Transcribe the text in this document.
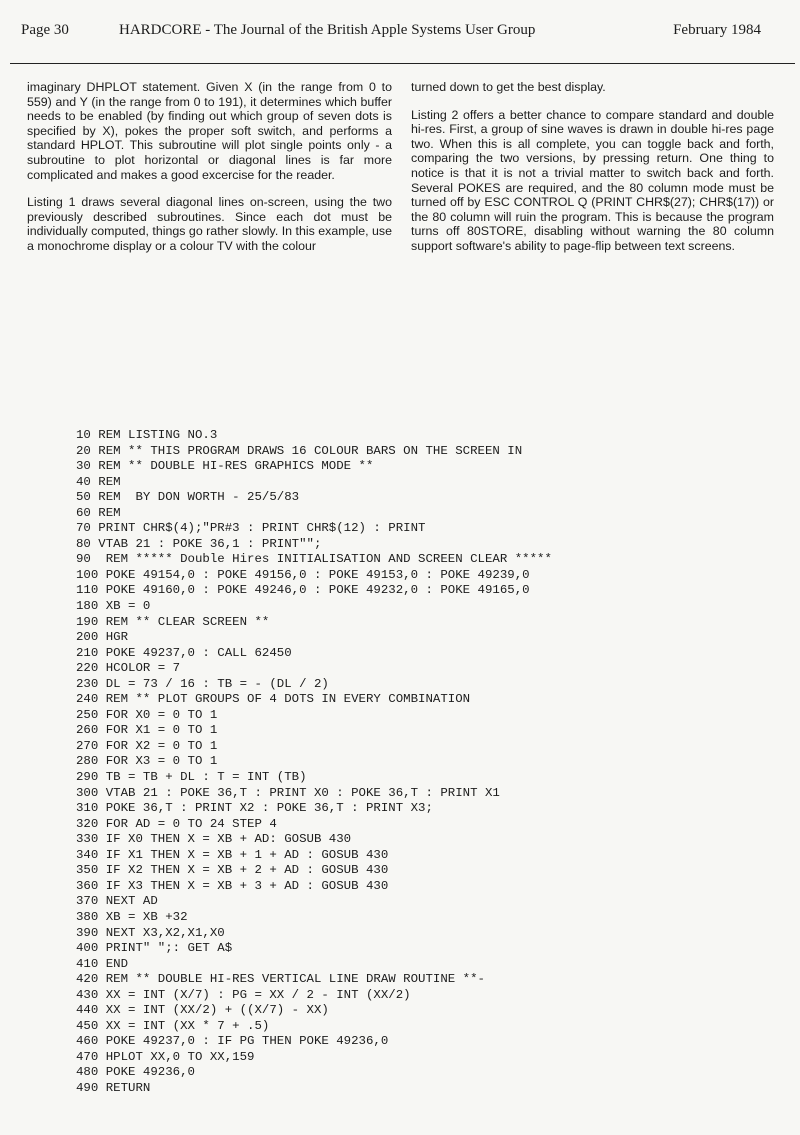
Page 30	HARDCORE - The Journal of the British Apple Systems User Group	February 1984

imaginary DHPLOT statement. Given X (in the range from 0 to 559) and Y (in the range from 0 to 191), it determines which buffer needs to be enabled (by finding out which group of seven dots is specified by X), pokes the proper soft switch, and performs a standard HPLOT. This subroutine will plot single points only - a subroutine to plot horizontal or diagonal lines is far more complicated and makes a good excercise for the reader.

Listing 1 draws several diagonal lines on-screen, using the two previously described subroutines. Since each dot must be individually computed, things go rather slowly. In this example, use a monochrome display or a colour TV with the colour

turned down to get the best display.

Listing 2 offers a better chance to compare standard and double hi-res. First, a group of sine waves is drawn in double hi-res page two. When this is all complete, you can toggle back and forth, comparing the two versions, by pressing return. One thing to notice is that it is not a trivial matter to switch back and forth. Several POKES are required, and the 80 column mode must be turned off by ESC CONTROL Q (PRINT CHR$(27); CHR$(17)) or the 80 column will ruin the program. This is because the program turns off 80STORE, disabling without warning the 80 column support software's ability to page-flip between text screens.

10 REM LISTING NO.3
20 REM ** THIS PROGRAM DRAWS 16 COLOUR BARS ON THE SCREEN IN
30 REM ** DOUBLE HI-RES GRAPHICS MODE **
40 REM
50 REM  BY DON WORTH - 25/5/83
60 REM
70 PRINT CHR$(4);"PR#3 : PRINT CHR$(12) : PRINT
80 VTAB 21 : POKE 36,1 : PRINT"";
90  REM ***** Double Hires INITIALISATION AND SCREEN CLEAR *****
100 POKE 49154,0 : POKE 49156,0 : POKE 49153,0 : POKE 49239,0
110 POKE 49160,0 : POKE 49246,0 : POKE 49232,0 : POKE 49165,0
180 XB = 0
190 REM ** CLEAR SCREEN **
200 HGR
210 POKE 49237,0 : CALL 62450
220 HCOLOR = 7
230 DL = 73 / 16 : TB = - (DL / 2)
240 REM ** PLOT GROUPS OF 4 DOTS IN EVERY COMBINATION
250 FOR X0 = 0 TO 1
260 FOR X1 = 0 TO 1
270 FOR X2 = 0 TO 1
280 FOR X3 = 0 TO 1
290 TB = TB + DL : T = INT (TB)
300 VTAB 21 : POKE 36,T : PRINT X0 : POKE 36,T : PRINT X1
310 POKE 36,T : PRINT X2 : POKE 36,T : PRINT X3;
320 FOR AD = 0 TO 24 STEP 4
330 IF X0 THEN X = XB + AD: GOSUB 430
340 IF X1 THEN X = XB + 1 + AD : GOSUB 430
350 IF X2 THEN X = XB + 2 + AD : GOSUB 430
360 IF X3 THEN X = XB + 3 + AD : GOSUB 430
370 NEXT AD
380 XB = XB +32
390 NEXT X3,X2,X1,X0
400 PRINT" ";: GET A$
410 END
420 REM ** DOUBLE HI-RES VERTICAL LINE DRAW ROUTINE **-
430 XX = INT (X/7) : PG = XX / 2 - INT (XX/2)
440 XX = INT (XX/2) + ((X/7) - XX)
450 XX = INT (XX * 7 + .5)
460 POKE 49237,0 : IF PG THEN POKE 49236,0
470 HPLOT XX,0 TO XX,159
480 POKE 49236,0
490 RETURN
